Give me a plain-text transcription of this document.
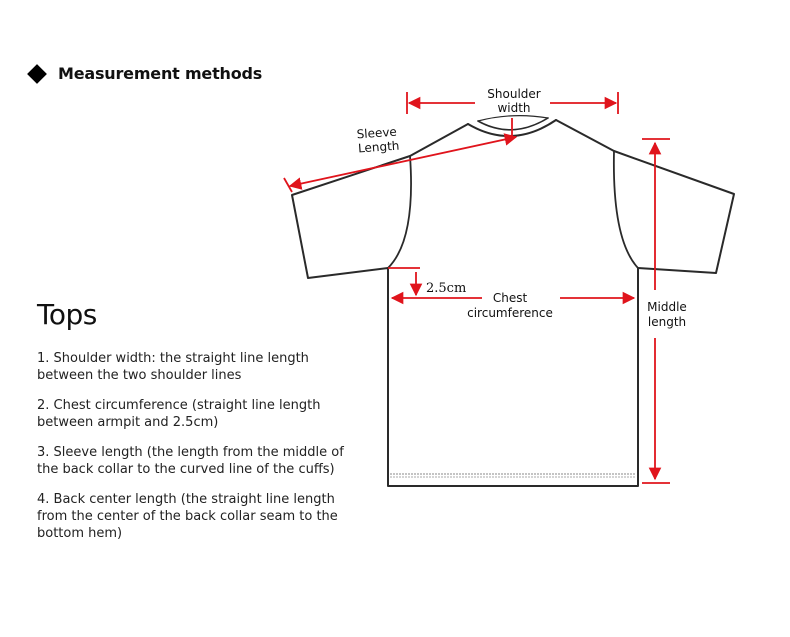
Measurement methods
Tops

1. Shoulder width: the straight line length between the two shoulder lines

2. Chest circumference (straight line length between armpit and 2.5cm)

3. Sleeve length (the length from the middle of the back collar to the curved line of the cuffs)

4. Back center length (the straight line length from the center of the back collar seam to the bottom hem)

Shoulder
width
Sleeve
Length
2.5cm
Chest
circumference	Middle
length
